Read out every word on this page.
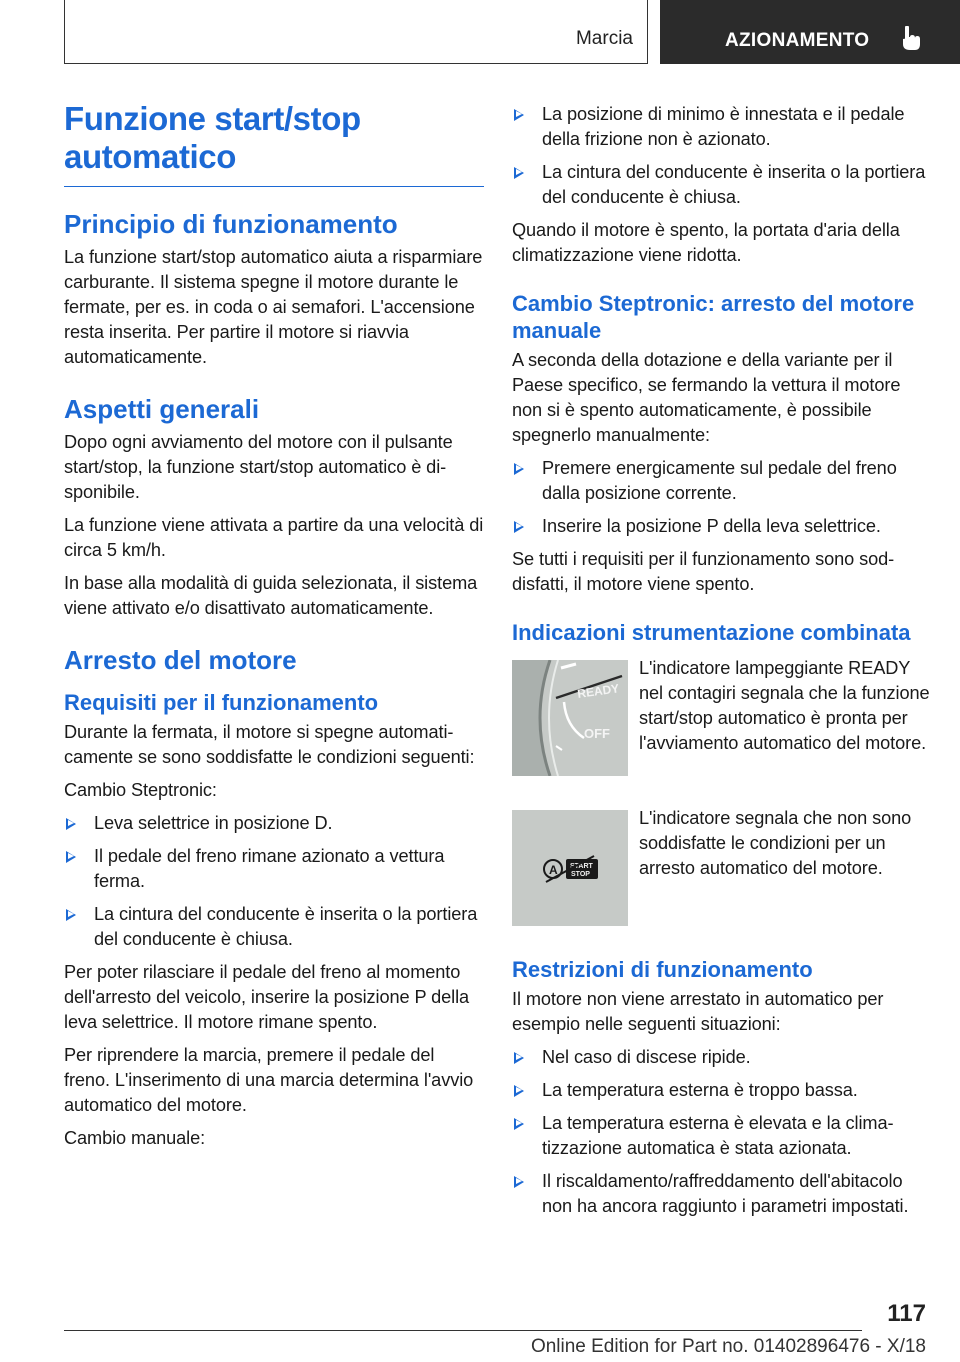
Marcia	AZIONAMENTO
Funzione start/stop automatico
Principio di funzionamento

La funzione start/stop automatico aiuta a risparmiare carburante. Il sistema spegne il motore durante le fermate, per es. in coda o ai semafori. L'accensione resta inserita. Per partire il motore si riavvia automaticamente.

Aspetti generali

Dopo ogni avviamento del motore con il pulsante start/stop, la funzione start/stop automatico è disponibile.

La funzione viene attivata a partire da una velocità di circa 5 km/h.

In base alla modalità di guida selezionata, il sistema viene attivato e/o disattivato automaticamente.

Arresto del motore
Requisiti per il funzionamento

Durante la fermata, il motore si spegne automaticamente se sono soddisfatte le condizioni seguenti:

Cambio Steptronic:

Leva selettrice in posizione D.
Il pedale del freno rimane azionato a vettura ferma.
La cintura del conducente è inserita o la portiera del conducente è chiusa.

Per poter rilasciare il pedale del freno al momento dell'arresto del veicolo, inserire la posizione P della leva selettrice. Il motore rimane spento.

Per riprendere la marcia, premere il pedale del freno. L'inserimento di una marcia determina l'avvio automatico del motore.

Cambio manuale:

La posizione di minimo è innestata e il pedale della frizione non è azionato.
La cintura del conducente è inserita o la portiera del conducente è chiusa.

Quando il motore è spento, la portata d'aria della climatizzazione viene ridotta.

Cambio Steptronic: arresto del motore manuale

A seconda della dotazione e della variante per il Paese specifico, se fermando la vettura il motore non si è spento automaticamente, è possibile spegnerlo manualmente:

Premere energicamente sul pedale del freno dalla posizione corrente.
Inserire la posizione P della leva selettrice.

Se tutti i requisiti per il funzionamento sono soddisfatti, il motore viene spento.

Indicazioni strumentazione combinata
READY
OFF

L'indicatore lampeggiante READY nel contagiri segnala che la funzione start/stop automatico è pronta per l'avviamento automatico del motore.

A START
STOP

L'indicatore segnala che non sono soddisfatte le condizioni per un arresto automatico del motore.

Restrizioni di funzionamento

Il motore non viene arrestato in automatico per esempio nelle seguenti situazioni:

Nel caso di discese ripide.
La temperatura esterna è troppo bassa.
La temperatura esterna è elevata e la climatizzazione automatica è stata azionata.
Il riscaldamento/raffreddamento dell'abitacolo non ha ancora raggiunto i parametri impostati.
117
Online Edition for Part no. 01402896476 - X/18
